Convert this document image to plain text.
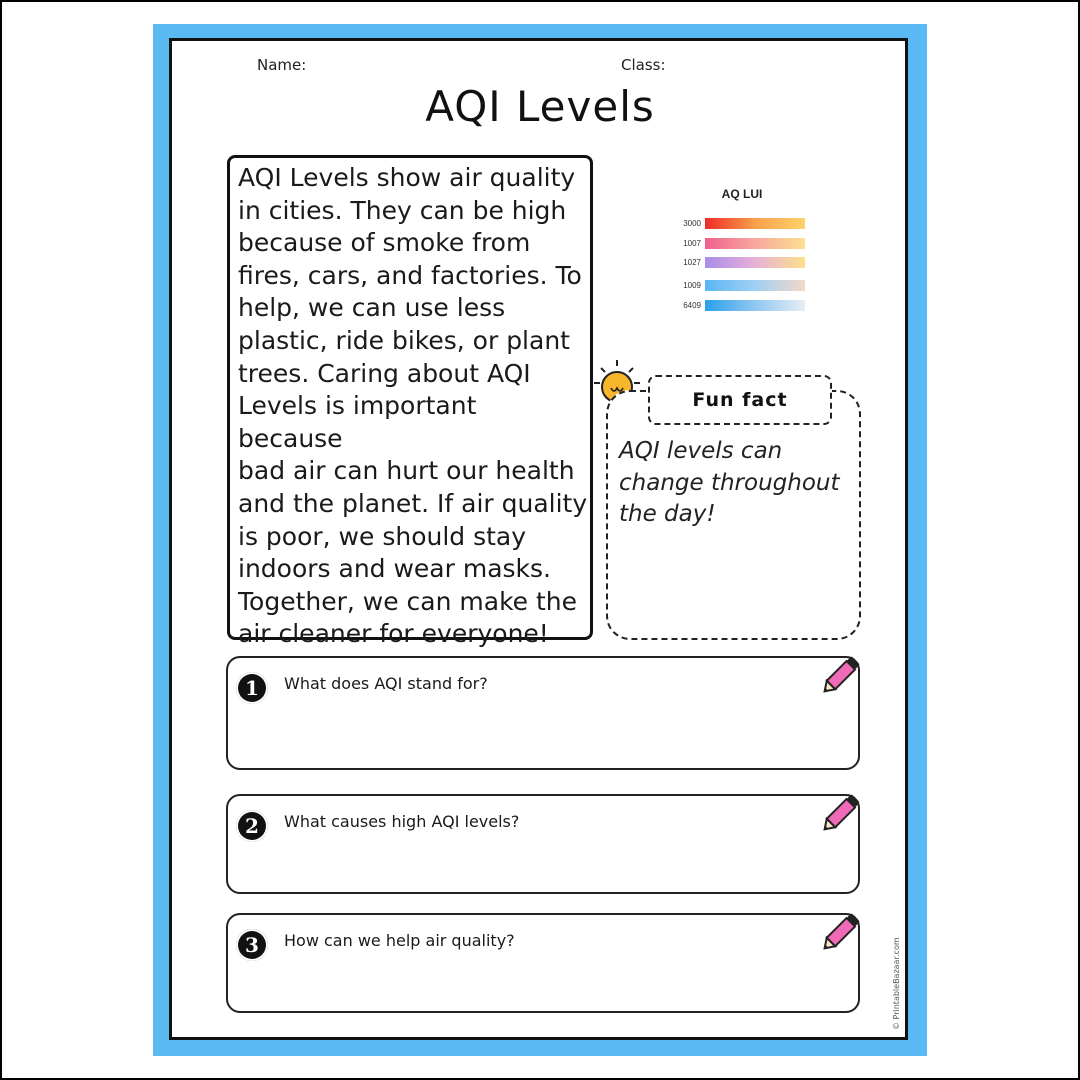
Name:	Class:
AQI Levels
AQI Levels show air quality
in cities. They can be high
because of smoke from
fires, cars, and factories. To
help, we can use less
plastic, ride bikes, or plant
trees. Caring about AQI
Levels is important because
bad air can hurt our health
and the planet. If air quality
is poor, we should stay
indoors and wear masks.
Together, we can make the
air cleaner for everyone!
AQ LUI
3000
1007
1027
1009
6409
Fun fact
AQI levels can
change throughout
the day!
1	What does AQI stand for?
2	What causes high AQI levels?
3	How can we help air quality?	© PrintableBazaar.com
